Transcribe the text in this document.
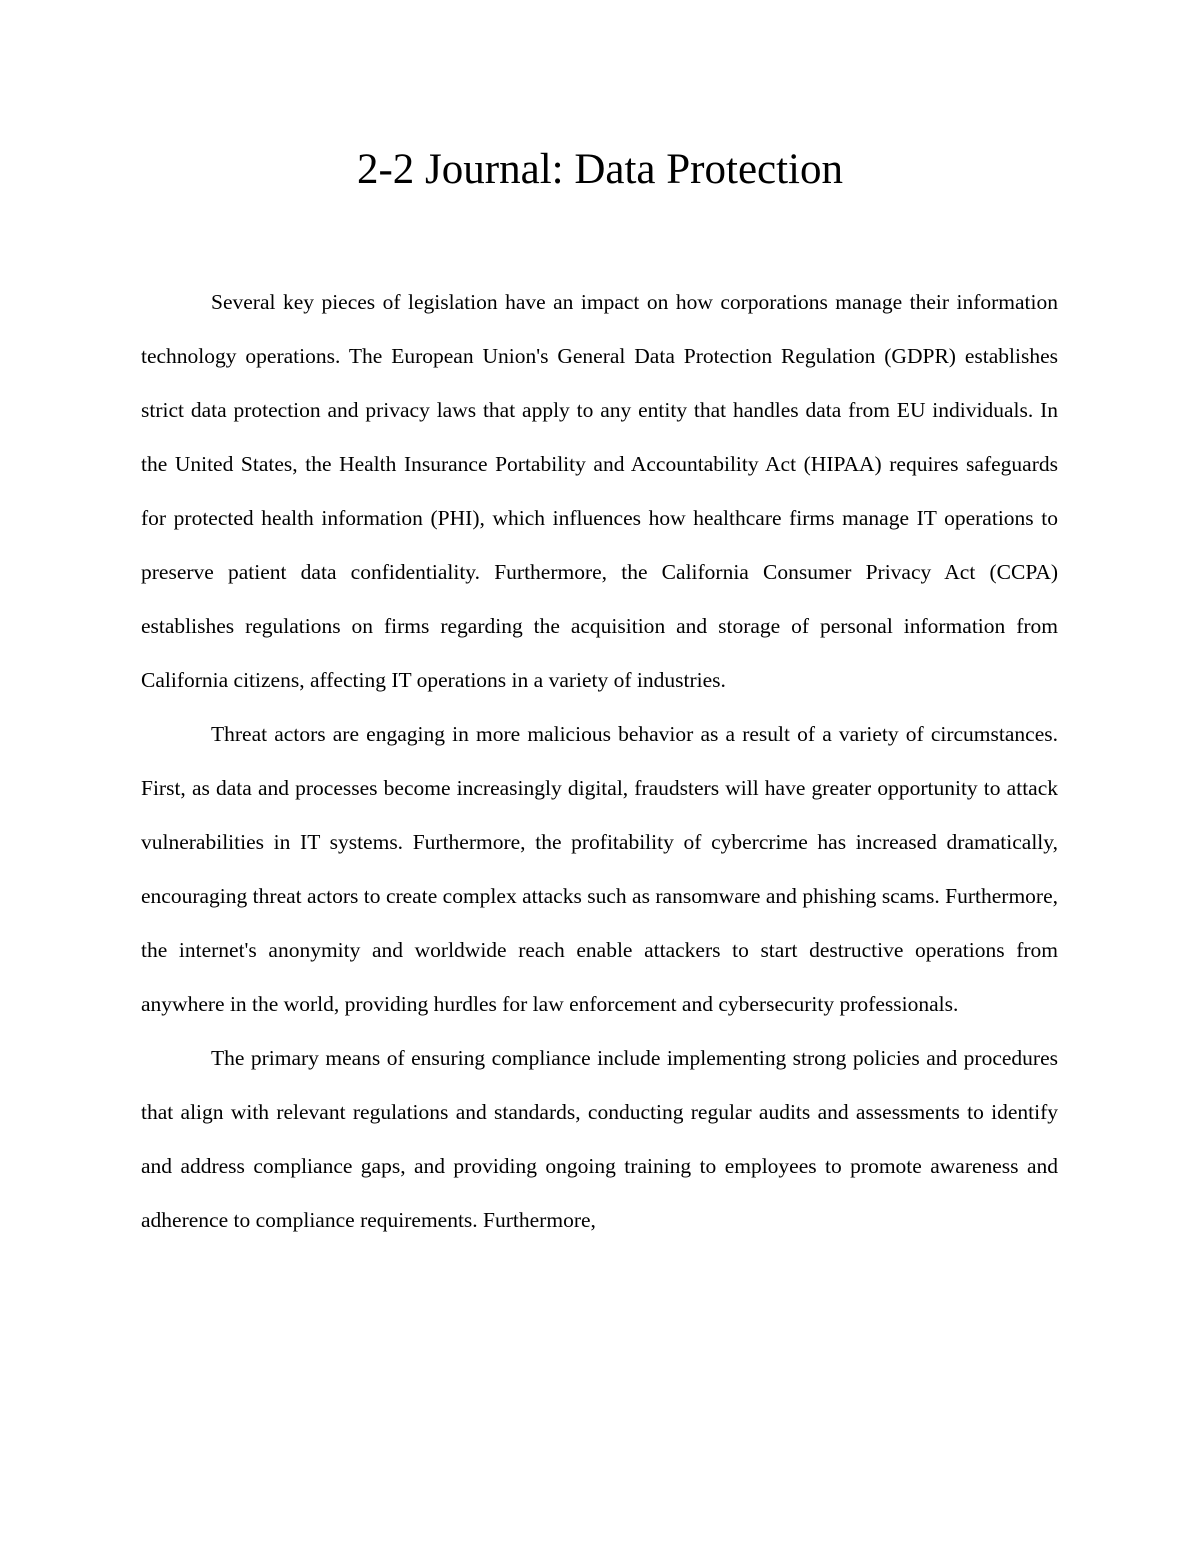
2-2 Journal: Data Protection

Several key pieces of legislation have an impact on how corporations manage their information technology operations. The European Union's General Data Protection Regulation (GDPR) establishes strict data protection and privacy laws that apply to any entity that handles data from EU individuals. In the United States, the Health Insurance Portability and Accountability Act (HIPAA) requires safeguards for protected health information (PHI), which influences how healthcare firms manage IT operations to preserve patient data confidentiality. Furthermore, the California Consumer Privacy Act (CCPA) establishes regulations on firms regarding the acquisition and storage of personal information from California citizens, affecting IT operations in a variety of industries.

Threat actors are engaging in more malicious behavior as a result of a variety of circumstances. First, as data and processes become increasingly digital, fraudsters will have greater opportunity to attack vulnerabilities in IT systems. Furthermore, the profitability of cybercrime has increased dramatically, encouraging threat actors to create complex attacks such as ransomware and phishing scams. Furthermore, the internet's anonymity and worldwide reach enable attackers to start destructive operations from anywhere in the world, providing hurdles for law enforcement and cybersecurity professionals.

The primary means of ensuring compliance include implementing strong policies and procedures that align with relevant regulations and standards, conducting regular audits and assessments to identify and address compliance gaps, and providing ongoing training to employees to promote awareness and adherence to compliance requirements. Furthermore,
